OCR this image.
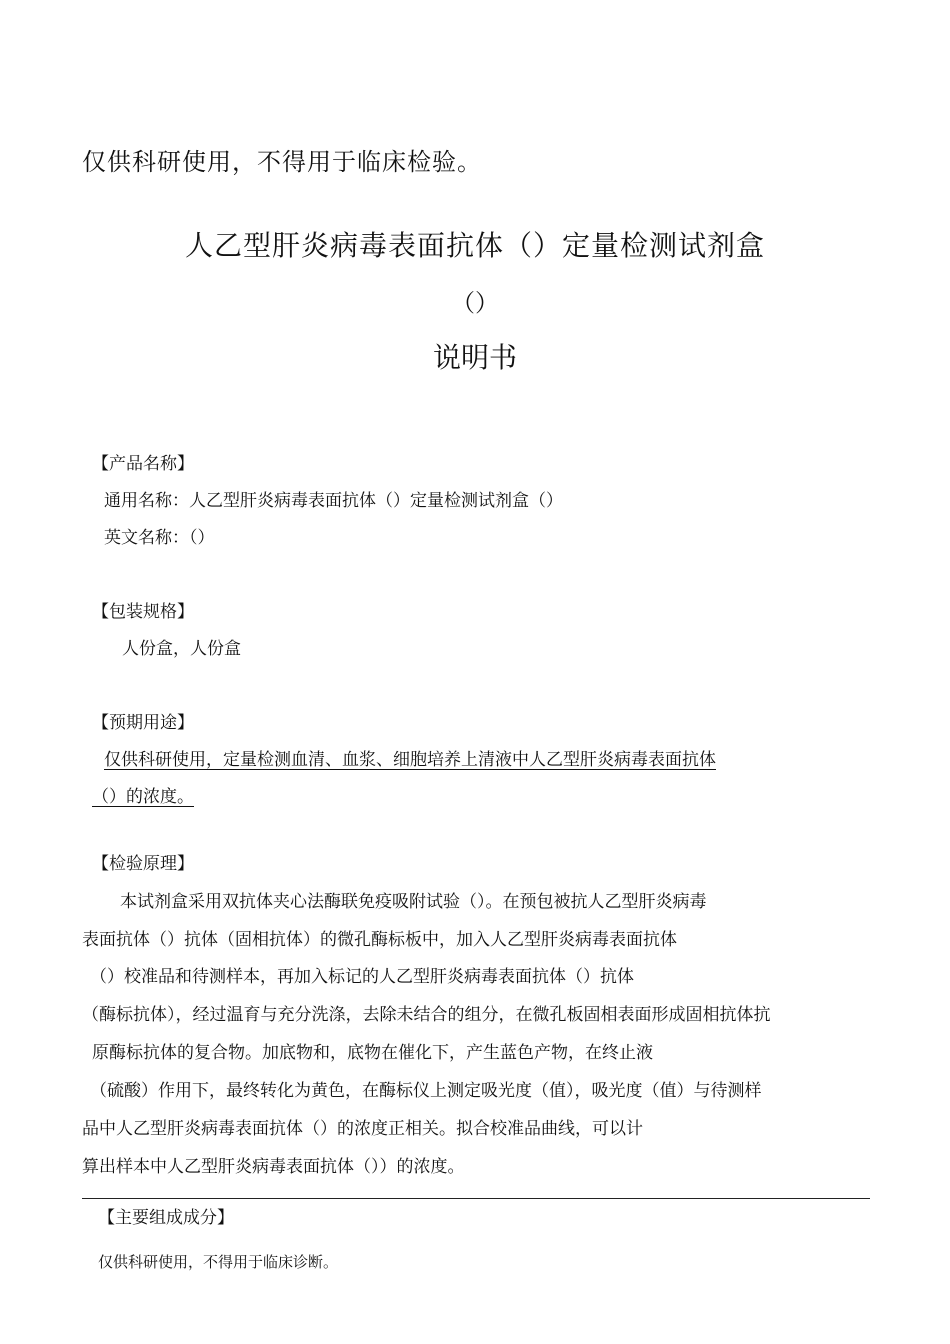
仅供科研使用，不得用于临床检验。
人乙型肝炎病毒表面抗体（）定量检测试剂盒
（）
说明书
【产品名称】
通用名称：人乙型肝炎病毒表面抗体（）定量检测试剂盒（）
英文名称：（）
【包装规格】
人份盒，人份盒
【预期用途】
仅供科研使用，定量检测血清、血浆、细胞培养上清液中人乙型肝炎病毒表面抗体
（）的浓度。
【检验原理】
本试剂盒采用双抗体夹心法酶联免疫吸附试验（）。在预包被抗人乙型肝炎病毒
表面抗体（）抗体（固相抗体）的微孔酶标板中，加入人乙型肝炎病毒表面抗体
（）校准品和待测样本，再加入标记的人乙型肝炎病毒表面抗体（）抗体
（酶标抗体），经过温育与充分洗涤，去除未结合的组分，在微孔板固相表面形成固相抗体抗
原酶标抗体的复合物。加底物和，底物在催化下，产生蓝色产物，在终止液
（硫酸）作用下，最终转化为黄色，在酶标仪上测定吸光度（值），吸光度（值）与待测样
品中人乙型肝炎病毒表面抗体（）的浓度正相关。拟合校准品曲线，可以计
算出样本中人乙型肝炎病毒表面抗体（））的浓度。
【主要组成成分】
仅供科研使用，不得用于临床诊断。
